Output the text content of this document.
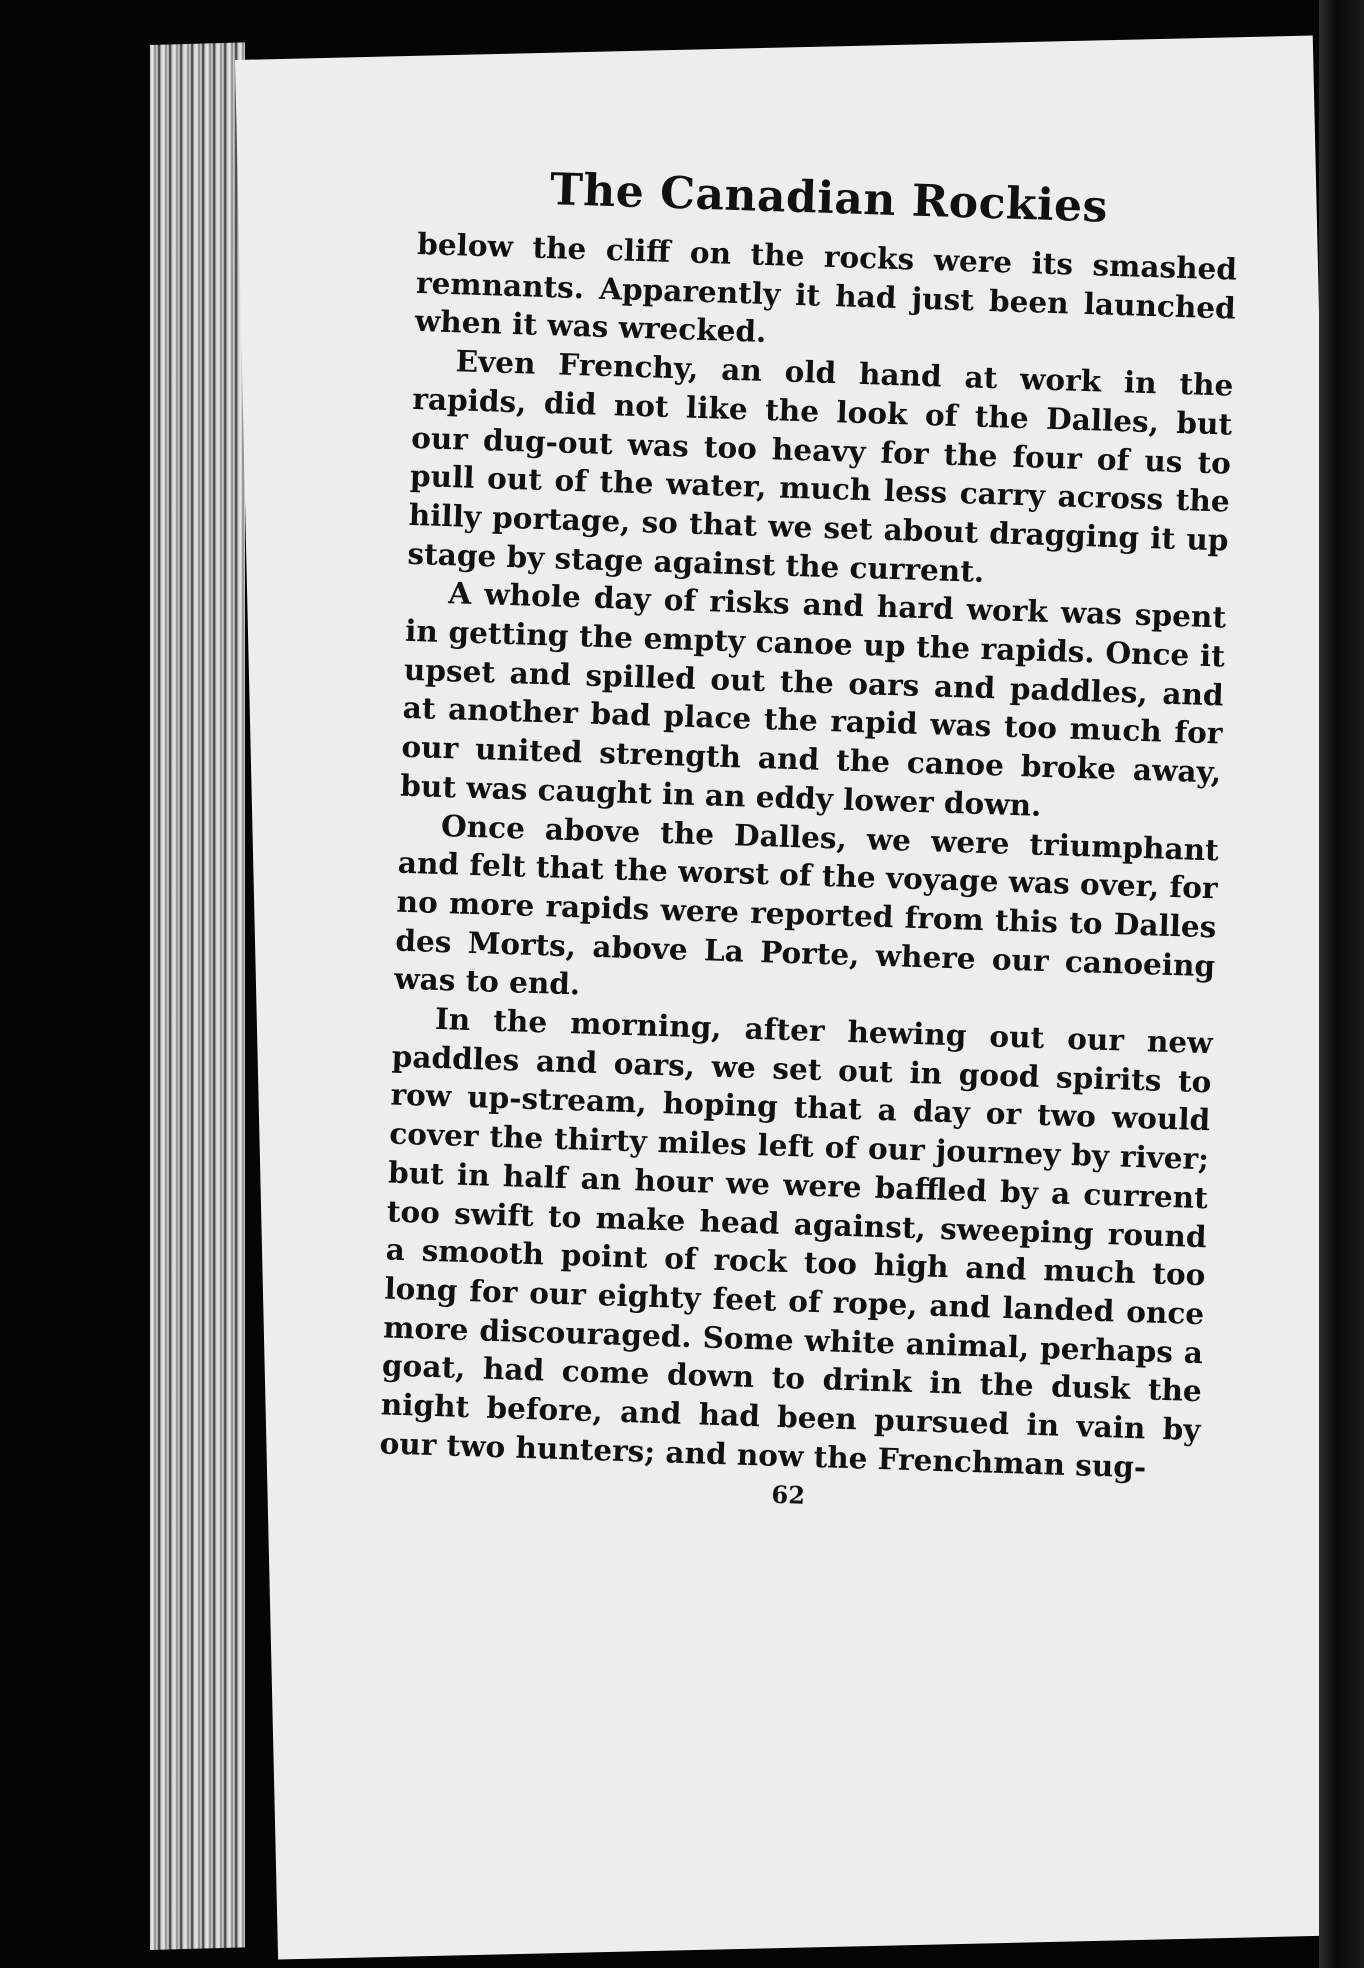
The Canadian Rockies

below the cliff on the rocks were its smashed remnants. Apparently it had just been launched when it was wrecked.

Even Frenchy, an old hand at work in the rapids, did not like the look of the Dalles, but our dug-out was too heavy for the four of us to pull out of the water, much less carry across the hilly portage, so that we set about dragging it up stage by stage against the current.

A whole day of risks and hard work was spent in getting the empty canoe up the rapids. Once it upset and spilled out the oars and paddles, and at another bad place the rapid was too much for our united strength and the canoe broke away, but was caught in an eddy lower down.

Once above the Dalles, we were triumphant and felt that the worst of the voyage was over, for no more rapids were reported from this to Dalles des Morts, above La Porte, where our canoeing was to end.

In the morning, after hewing out our new paddles and oars, we set out in good spirits to row up-stream, hoping that a day or two would cover the thirty miles left of our journey by river; but in half an hour we were baffled by a current too swift to make head against, sweeping round a smooth point of rock too high and much too long for our eighty feet of rope, and landed once more discouraged. Some white animal, perhaps a goat, had come down to drink in the dusk the night before, and had been pursued in vain by our two hunters; and now the Frenchman sug-

62
